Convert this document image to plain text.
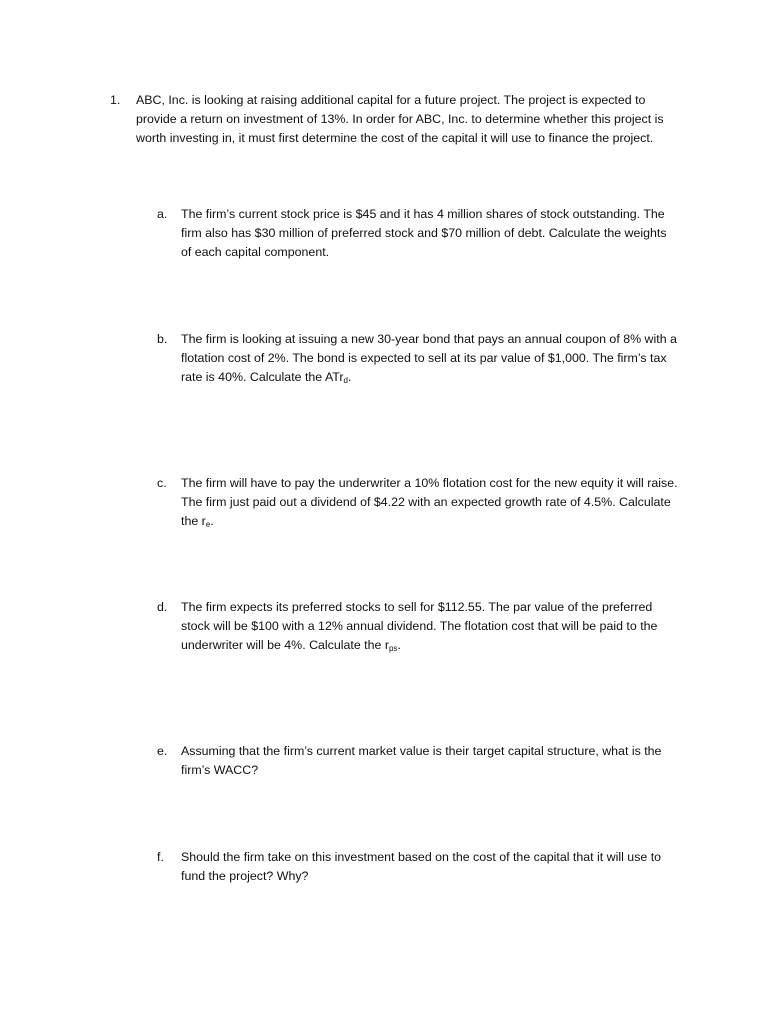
1. ABC, Inc. is looking at raising additional capital for a future project. The project is expected to provide a return on investment of 13%. In order for ABC, Inc. to determine whether this project is worth investing in, it must first determine the cost of the capital it will use to finance the project.
a. The firm’s current stock price is $45 and it has 4 million shares of stock outstanding. The firm also has $30 million of preferred stock and $70 million of debt. Calculate the weights of each capital component.
b. The firm is looking at issuing a new 30-year bond that pays an annual coupon of 8% with a flotation cost of 2%. The bond is expected to sell at its par value of $1,000. The firm’s tax rate is 40%. Calculate the ATr$_d$.
c. The firm will have to pay the underwriter a 10% flotation cost for the new equity it will raise. The firm just paid out a dividend of $4.22 with an expected growth rate of 4.5%. Calculate the $r_e$.
d. The firm expects its preferred stocks to sell for $112.55. The par value of the preferred stock will be $100 with a 12% annual dividend. The flotation cost that will be paid to the underwriter will be 4%. Calculate the $r_{ps}$.
e. Assuming that the firm’s current market value is their target capital structure, what is the firm’s WACC?
f. Should the firm take on this investment based on the cost of the capital that it will use to fund the project? Why?
